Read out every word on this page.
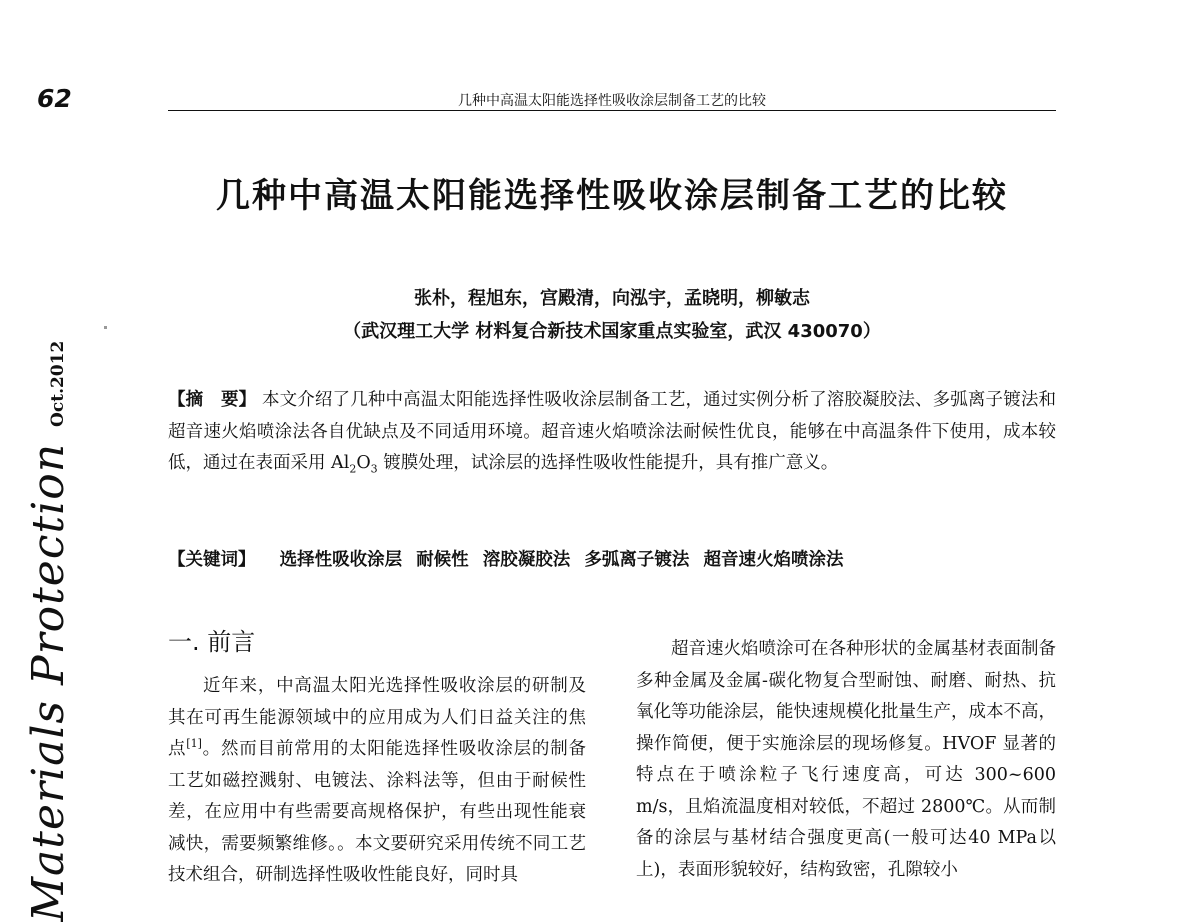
62	几种中高温太阳能选择性吸收涂层制备工艺的比较
Materials ProtectionOct.2012
几种中高温太阳能选择性吸收涂层制备工艺的比较
张朴，程旭东，宫殿清，向泓宇，孟晓明，柳敏志
（武汉理工大学 材料复合新技术国家重点实验室，武汉 430070）
【摘　要】 本文介绍了几种中高温太阳能选择性吸收涂层制备工艺，通过实例分析了溶胶凝胶法、多弧离子镀法和超音速火焰喷涂法各自优缺点及不同适用环境。超音速火焰喷涂法耐候性优良，能够在中高温条件下使用，成本较低，通过在表面采用 $Al_2O_3$ 镀膜处理，试涂层的选择性吸收性能提升，具有推广意义。
【关键词】 选择性吸收涂层 耐候性 溶胶凝胶法 多弧离子镀法 超音速火焰喷涂法
一. 前言
近年来，中高温太阳光选择性吸收涂层的研制及其在可再生能源领域中的应用成为人们日益关注的焦点[1]。然而目前常用的太阳能选择性吸收涂层的制备工艺如磁控溅射、电镀法、涂料法等，但由于耐候性差，在应用中有些需要高规格保护，有些出现性能衰减快，需要频繁维修。。本文要研究采用传统不同工艺技术组合，研制选择性吸收性能良好，同时具
超音速火焰喷涂可在各种形状的金属基材表面制备多种金属及金属-碳化物复合型耐蚀、耐磨、耐热、抗氧化等功能涂层，能快速规模化批量生产，成本不高，操作简便，便于实施涂层的现场修复。HVOF 显著的特点在于喷涂粒子飞行速度高，可达 300~600 m/s，且焰流温度相对较低，不超过 2800℃。从而制备的涂层与基材结合强度更高(一般可达40 MPa以上)，表面形貌较好，结构致密，孔隙较小
